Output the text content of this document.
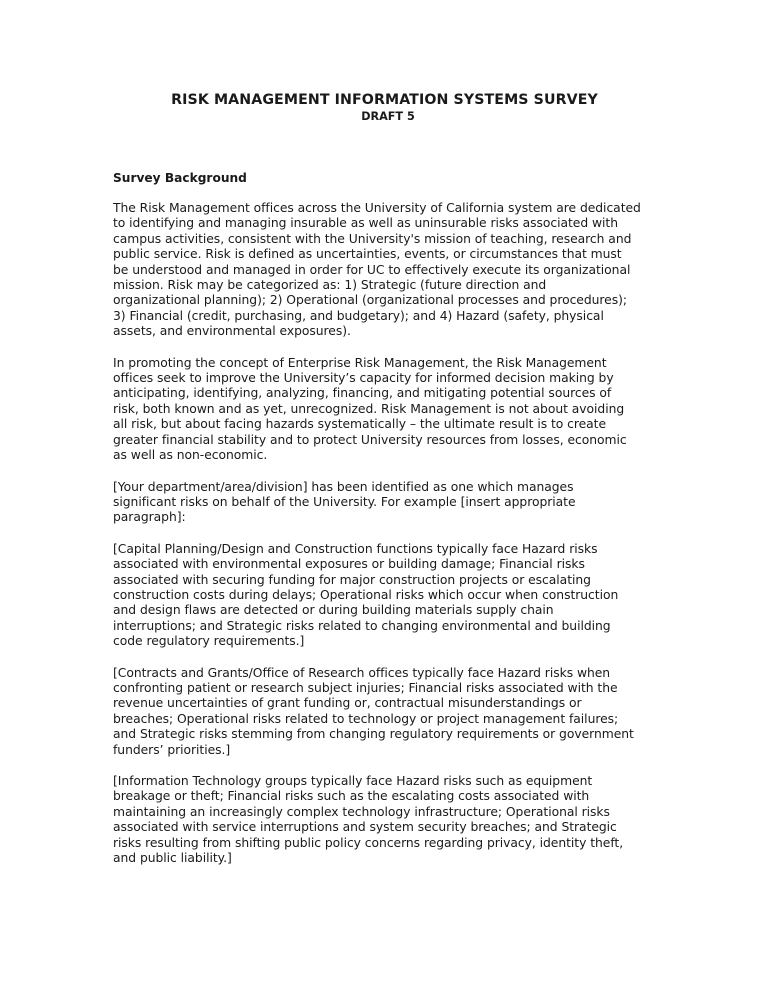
RISK MANAGEMENT INFORMATION SYSTEMS SURVEY
DRAFT 5
Survey Background
The Risk Management offices across the University of California system are dedicated
to identifying and managing insurable as well as uninsurable risks associated with
campus activities, consistent with the University's mission of teaching, research and
public service. Risk is defined as uncertainties, events, or circumstances that must
be understood and managed in order for UC to effectively execute its organizational
mission. Risk may be categorized as: 1) Strategic (future direction and
organizational planning); 2) Operational (organizational processes and procedures);
3) Financial (credit, purchasing, and budgetary); and 4) Hazard (safety, physical
assets, and environmental exposures).
In promoting the concept of Enterprise Risk Management, the Risk Management
offices seek to improve the University’s capacity for informed decision making by
anticipating, identifying, analyzing, financing, and mitigating potential sources of
risk, both known and as yet, unrecognized. Risk Management is not about avoiding
all risk, but about facing hazards systematically – the ultimate result is to create
greater financial stability and to protect University resources from losses, economic
as well as non-economic.
[Your department/area/division] has been identified as one which manages
significant risks on behalf of the University. For example [insert appropriate
paragraph]:
[Capital Planning/Design and Construction functions typically face Hazard risks
associated with environmental exposures or building damage; Financial risks
associated with securing funding for major construction projects or escalating
construction costs during delays; Operational risks which occur when construction
and design flaws are detected or during building materials supply chain
interruptions; and Strategic risks related to changing environmental and building
code regulatory requirements.]
[Contracts and Grants/Office of Research offices typically face Hazard risks when
confronting patient or research subject injuries; Financial risks associated with the
revenue uncertainties of grant funding or, contractual misunderstandings or
breaches; Operational risks related to technology or project management failures;
and Strategic risks stemming from changing regulatory requirements or government
funders’ priorities.]
[Information Technology groups typically face Hazard risks such as equipment
breakage or theft; Financial risks such as the escalating costs associated with
maintaining an increasingly complex technology infrastructure; Operational risks
associated with service interruptions and system security breaches; and Strategic
risks resulting from shifting public policy concerns regarding privacy, identity theft,
and public liability.]
